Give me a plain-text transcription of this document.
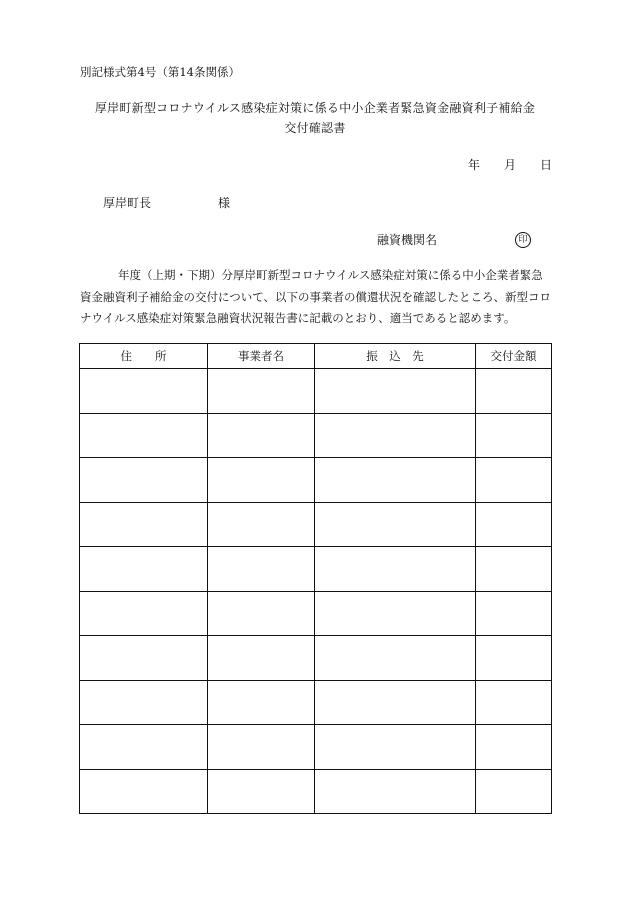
別記様式第4号（第14条関係）
厚岸町新型コロナウイルス感染症対策に係る中小企業者緊急資金融資利子補給金
交付確認書
年　　月　　日
厚岸町長	様
融資機関名	印
年度（上期・下期）分厚岸町新型コロナウイルス感染症対策に係る中小企業者緊急
資金融資利子補給金の交付について、以下の事業者の償還状況を確認したところ、新型コロ
ナウイルス感染症対策緊急融資状況報告書に記載のとおり、適当であると認めます。
住　　所	事業者名	振　込　先	交付金額
